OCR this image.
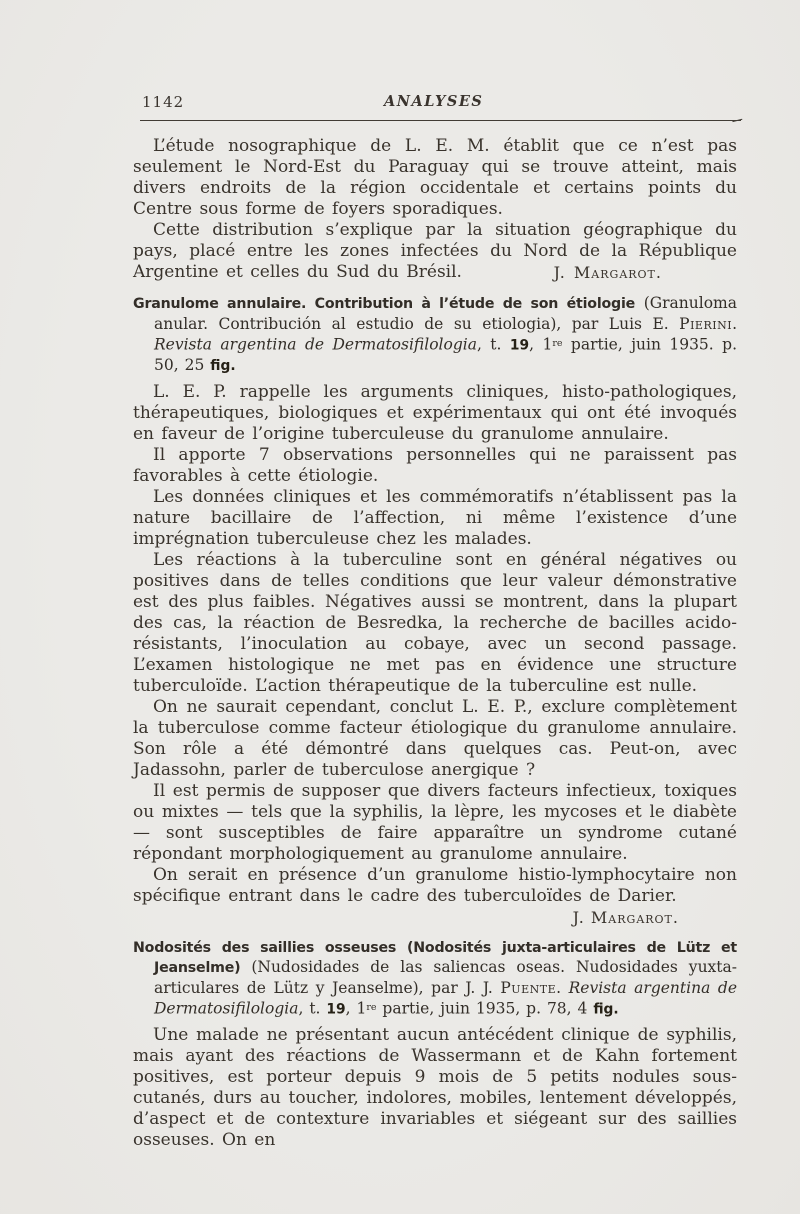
1142	ANALYSES

L’étude nosographique de L. E. M. établit que ce n’est pas seulement le Nord-Est du Paraguay qui se trouve atteint, mais divers endroits de la région occidentale et certains points du Centre sous forme de foyers sporadiques.

Cette distribution s’explique par la situation géographique du pays, placé entre les zones infectées du Nord de la République Argentine et celles du Sud du Brésil.	J. Margarot.

Granulome annulaire. Contribution à l’étude de son étiologie (Granuloma anular. Contribución al estudio de su etiologia), par Luis E. Pierini. Revista argentina de Dermatosifilologia, t. 19, 1re partie, juin 1935. p. 50, 25 fig.

L. E. P. rappelle les arguments cliniques, histo-pathologiques, thérapeutiques, biologiques et expérimentaux qui ont été invoqués en faveur de l’origine tuberculeuse du granulome annulaire.

Il apporte 7 observations personnelles qui ne paraissent pas favorables à cette étiologie.

Les données cliniques et les commémoratifs n’établissent pas la nature bacillaire de l’affection, ni même l’existence d’une imprégnation tuberculeuse chez les malades.

Les réactions à la tuberculine sont en général négatives ou positives dans de telles conditions que leur valeur démonstrative est des plus faibles. Négatives aussi se montrent, dans la plupart des cas, la réaction de Besredka, la recherche de bacilles acido-résistants, l’inoculation au cobaye, avec un second passage. L’examen histologique ne met pas en évidence une structure tuberculoïde. L’action thérapeutique de la tuberculine est nulle.

On ne saurait cependant, conclut L. E. P., exclure complètement la tuberculose comme facteur étiologique du granulome annulaire. Son rôle a été démontré dans quelques cas. Peut-on, avec Jadassohn, parler de tuberculose anergique ?

Il est permis de supposer que divers facteurs infectieux, toxiques ou mixtes — tels que la syphilis, la lèpre, les mycoses et le diabète — sont susceptibles de faire apparaître un syndrome cutané répondant morphologiquement au granulome annulaire.

On serait en présence d’un granulome histio-lymphocytaire non spécifique entrant dans le cadre des tuberculoïdes de Darier.

J. Margarot.
Nodosités des saillies osseuses (Nodosités juxta-articulaires de Lütz et Jeanselme) (Nudosidades de las saliencas oseas. Nudosidades yuxta-articulares de Lütz y Jeanselme), par J. J. Puente. Revista argentina de Dermatosifilologia, t. 19, 1re partie, juin 1935, p. 78, 4 fig.

Une malade ne présentant aucun antécédent clinique de syphilis, mais ayant des réactions de Wassermann et de Kahn fortement positives, est porteur depuis 9 mois de 5 petits nodules sous-cutanés, durs au toucher, indolores, mobiles, lentement développés, d’aspect et de contexture invariables et siégeant sur des saillies osseuses. On en
